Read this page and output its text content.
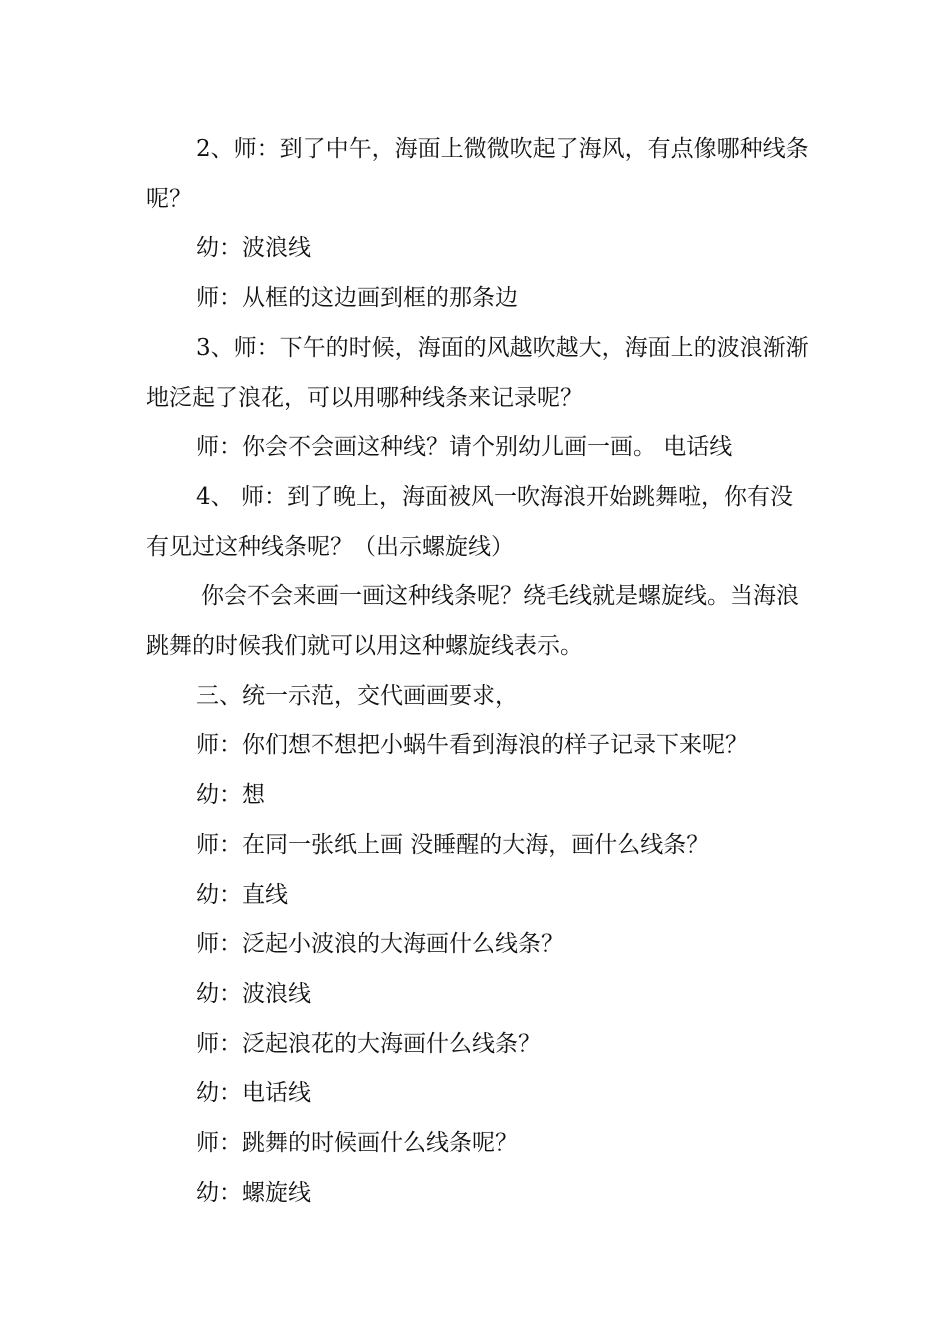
2、师：到了中午，海面上微微吹起了海风，有点像哪种线条呢？

幼：波浪线

师：从框的这边画到框的那条边

3、师：下午的时候，海面的风越吹越大，海面上的波浪渐渐地泛起了浪花，可以用哪种线条来记录呢？

师：你会不会画这种线？请个别幼儿画一画。 电话线

4、 师：到了晚上，海面被风一吹海浪开始跳舞啦，你有没有见过这种线条呢？（出示螺旋线）

你会不会来画一画这种线条呢？绕毛线就是螺旋线。当海浪跳舞的时候我们就可以用这种螺旋线表示。

三、统一示范，交代画画要求，

师：你们想不想把小蜗牛看到海浪的样子记录下来呢？

幼：想

师：在同一张纸上画 没睡醒的大海，画什么线条？

幼：直线

师：泛起小波浪的大海画什么线条？

幼：波浪线

师：泛起浪花的大海画什么线条？

幼：电话线

师：跳舞的时候画什么线条呢？

幼：螺旋线
